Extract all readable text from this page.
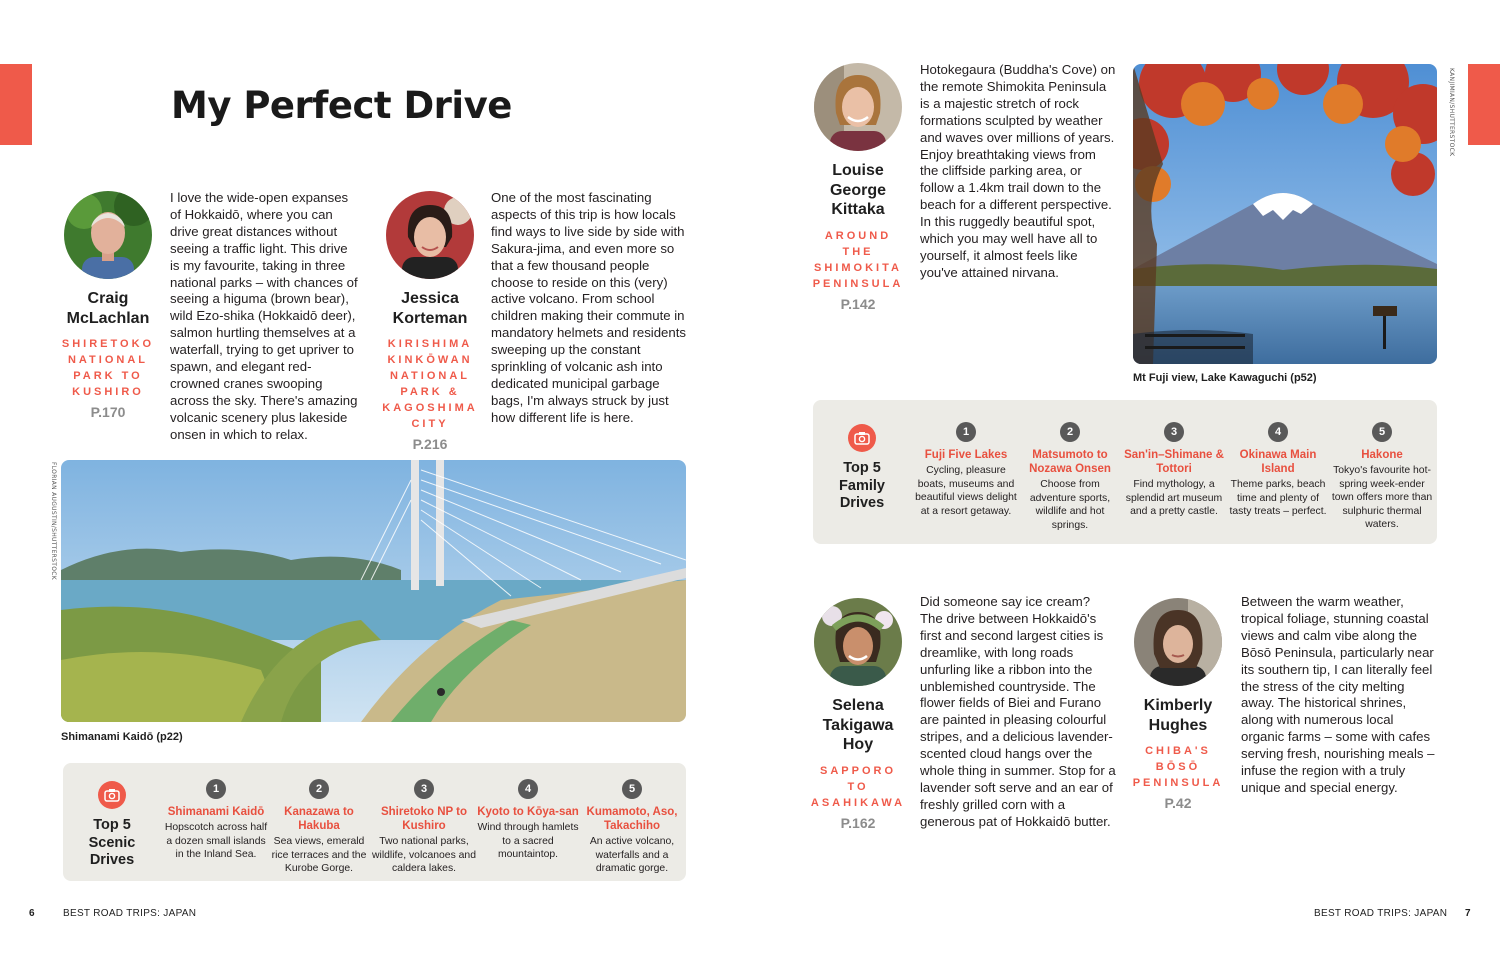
My Perfect Drive
Craig McLachlan
SHIRETOKO NATIONAL PARK TO KUSHIRO
P.170
I love the wide-open expanses of Hokkaidō, where you can drive great distances without seeing a traffic light. This drive is my favourite, taking in three national parks – with chances of seeing a higuma (brown bear), wild Ezo-shika (Hokkaidō deer), salmon hurtling themselves at a waterfall, trying to get upriver to spawn, and elegant red-crowned cranes swooping across the sky. There's amazing volcanic scenery plus lakeside onsen in which to relax.
Jessica Korteman
KIRISHIMA KINKŌWAN NATIONAL PARK & KAGOSHIMA CITY
P.216
One of the most fascinating aspects of this trip is how locals find ways to live side by side with Sakura-jima, and even more so that a few thousand people choose to reside on this (very) active volcano. From school children making their commute in mandatory helmets and residents sweeping up the constant sprinkling of volcanic ash into dedicated municipal garbage bags, I'm always struck by just how different life is here.
FLORIAN AUGUSTIN/SHUTTERSTOCK
Shimanami Kaidō (p22)
Top 5 Scenic Drives
1
Shimanami Kaidō
Hopscotch across half a dozen small islands in the Inland Sea.
2
Kanazawa to Hakuba
Sea views, emerald rice terraces and the Kurobe Gorge.
3
Shiretoko NP to Kushiro
Two national parks, wildlife, volcanoes and caldera lakes.
4
Kyoto to Kōya-san
Wind through hamlets to a sacred mountaintop.
5
Kumamoto, Aso, Takachiho
An active volcano, waterfalls and a dramatic gorge.
Louise George Kittaka
AROUND THE SHIMOKITA PENINSULA
P.142
Hotokegaura (Buddha's Cove) on the remote Shimokita Peninsula is a majestic stretch of rock formations sculpted by weather and waves over millions of years. Enjoy breathtaking views from the cliffside parking area, or follow a 1.4km trail down to the beach for a different perspective. In this ruggedly beautiful spot, which you may well have all to yourself, it almost feels like you've attained nirvana.
KANJIMIAN/SHUTTERSTOCK
Mt Fuji view, Lake Kawaguchi (p52)
Top 5 Family Drives
1
Fuji Five Lakes
Cycling, pleasure boats, museums and beautiful views delight at a resort getaway.
2
Matsumoto to Nozawa Onsen
Choose from adventure sports, wildlife and hot springs.
3
San'in–Shimane & Tottori
Find mythology, a splendid art museum and a pretty castle.
4
Okinawa Main Island
Theme parks, beach time and plenty of tasty treats – perfect.
5
Hakone
Tokyo's favourite hot-spring week-ender town offers more than sulphuric thermal waters.
Selena Takigawa Hoy
SAPPORO TO ASAHIKAWA
P.162
Did someone say ice cream? The drive between Hokkaidō's first and second largest cities is dreamlike, with long roads unfurling like a ribbon into the unblemished countryside. The flower fields of Biei and Furano are painted in pleasing colourful stripes, and a delicious lavender-scented cloud hangs over the whole thing in summer. Stop for a lavender soft serve and an ear of freshly grilled corn with a generous pat of Hokkaidō butter.
Kimberly Hughes
CHIBA'S BŌSŌ PENINSULA
P.42
Between the warm weather, tropical foliage, stunning coastal views and calm vibe along the Bōsō Peninsula, particularly near its southern tip, I can literally feel the stress of the city melting away. The historical shrines, along with numerous local organic farms – some with cafes serving fresh, nourishing meals – infuse the region with a truly unique and special energy.
6	BEST ROAD TRIPS: JAPAN	BEST ROAD TRIPS: JAPAN 7
